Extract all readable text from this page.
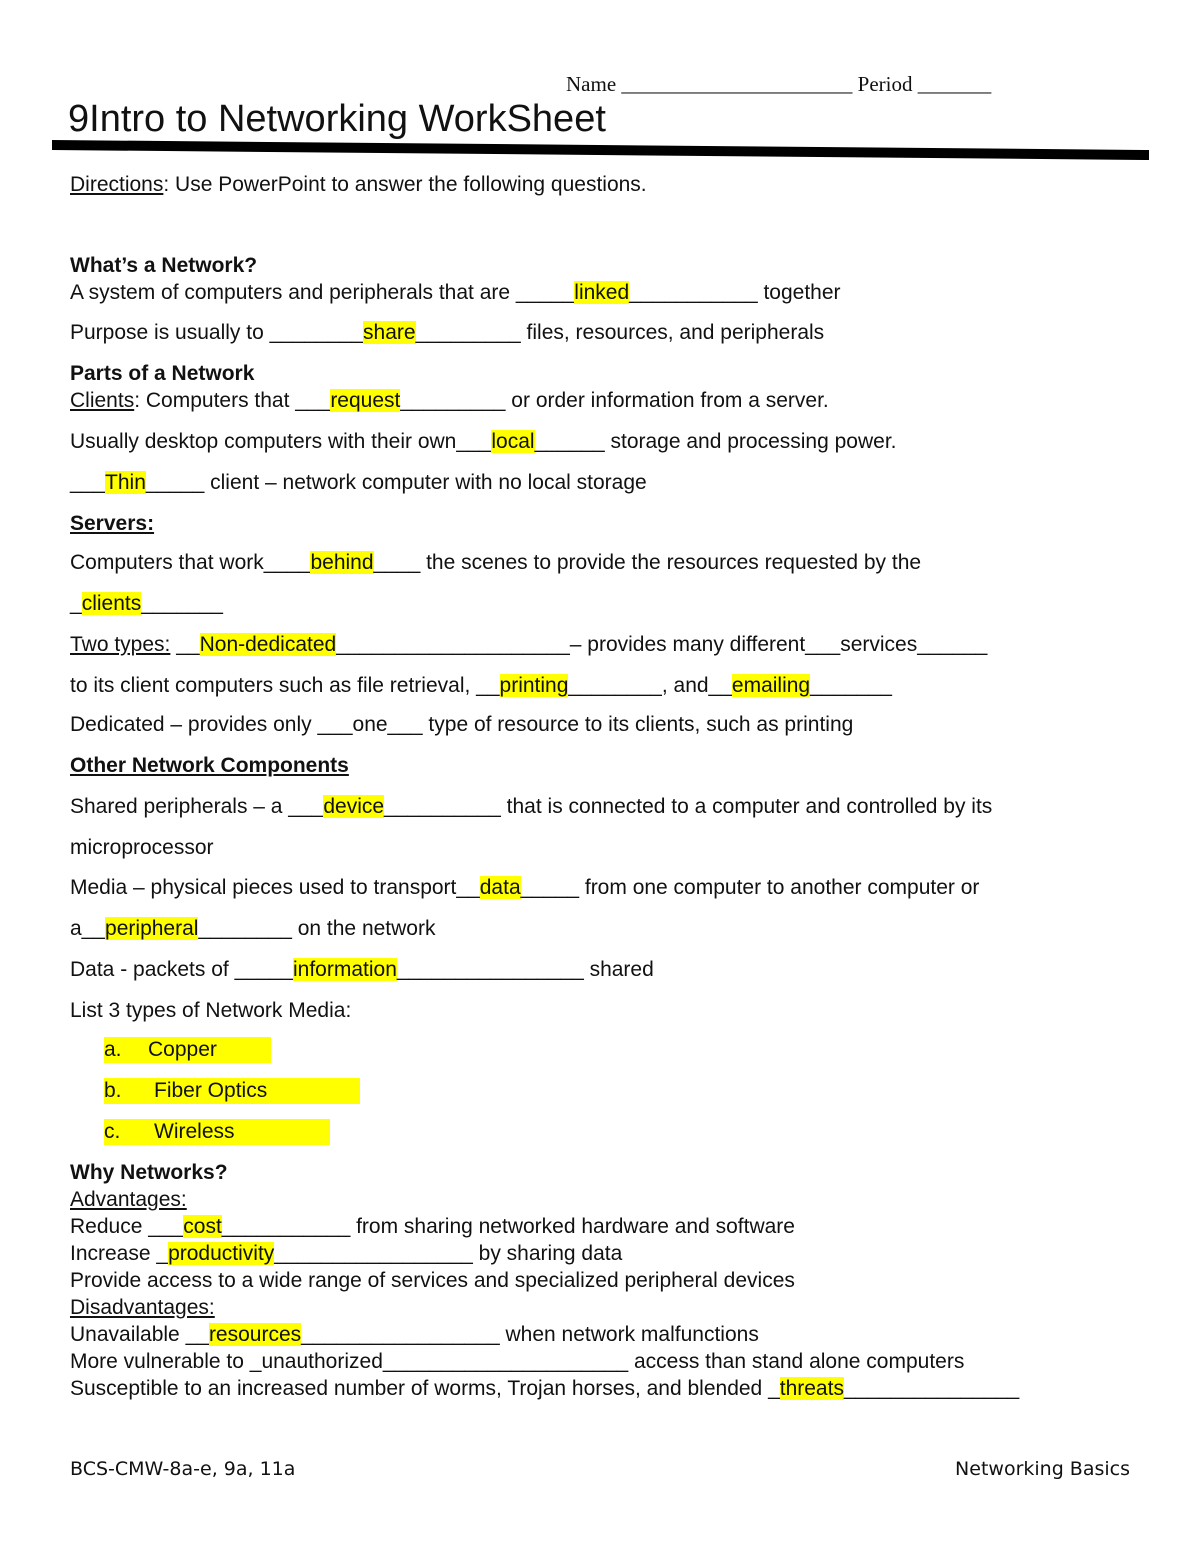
Name ______________________ Period _______
9Intro to Networking WorkSheet
Directions: Use PowerPoint to answer the following questions.
What’s a Network?
A system of computers and peripherals that are _____linked___________ together
Purpose is usually to ________share_________ files, resources, and peripherals
Parts of a Network
Clients: Computers that ___request_________ or order information from a server.
Usually desktop computers with their own___local______ storage and processing power.
___Thin_____ client – network computer with no local storage
Servers:
Computers that work____behind____ the scenes to provide the resources requested by the
_clients_______
Two types: __Non-dedicated____________________– provides many different___services______
to its client computers such as file retrieval, __printing________, and__emailing_______
Dedicated – provides only ___one___ type of resource to its clients, such as printing
Other Network Components
Shared peripherals – a ___device__________ that is connected to a computer and controlled by its
microprocessor
Media – physical pieces used to transport__data_____ from one computer to another computer or
a__peripheral________ on the network
Data - packets of _____information________________ shared
List 3 types of Network Media:
a. Copper
b. Fiber Optics
c. Wireless
Why Networks?
Advantages:
Reduce ___cost___________ from sharing networked hardware and software
Increase _productivity_________________ by sharing data
Provide access to a wide range of services and specialized peripheral devices
Disadvantages:
Unavailable __resources_________________ when network malfunctions
More vulnerable to _unauthorized_____________________ access than stand alone computers
Susceptible to an increased number of worms, Trojan horses, and blended _threats_______________
BCS-CMW-8a-e, 9a, 11a	Networking Basics
